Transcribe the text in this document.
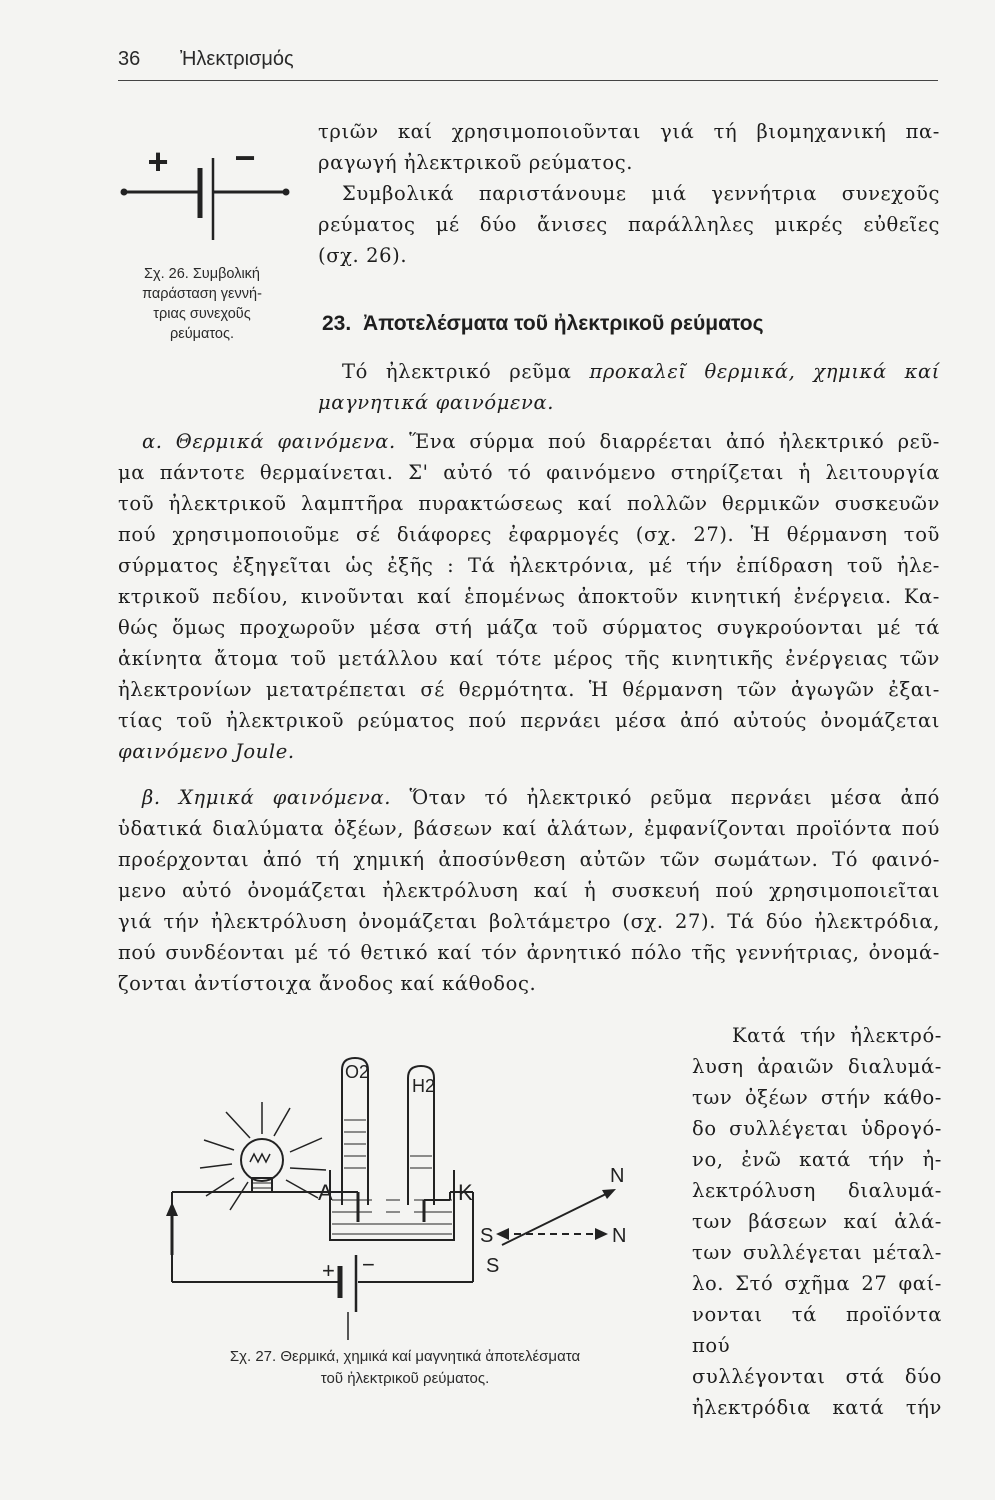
36 Ἠλεκτρισμός
+ −
Σχ. 26. Συμβολική
παράσταση γεννή-
τριας συνεχοῦς
ρεύματος.
τριῶν καί χρησιμοποιοῦνται γιά τή βιομηχανική πα-
ραγωγή ἠλεκτρικοῦ ρεύματος.
Συμβολικά παριστάνουμε μιά γεννήτρια συνεχοῦς
ρεύματος μέ δύο ἄνισες παράλληλες μικρές εὐθεῖες
(σχ. 26).
23. Ἀποτελέσματα τοῦ ἠλεκτρικοῦ ρεύματος
Τό ἠλεκτρικό ρεῦμα προκαλεῖ θερμικά, χημικά καί
μαγνητικά φαινόμενα.
α. Θερμικά φαινόμενα. Ἕνα σύρμα πού διαρρέεται ἀπό ἠλεκτρικό ρεῦ-
μα πάντοτε θερμαίνεται. Σ' αὐτό τό φαινόμενο στηρίζεται ἡ λειτουργία
τοῦ ἠλεκτρικοῦ λαμπτῆρα πυρακτώσεως καί πολλῶν θερμικῶν συσκευῶν
πού χρησιμοποιοῦμε σέ διάφορες ἐφαρμογές (σχ. 27). Ἡ θέρμανση τοῦ
σύρματος ἐξηγεῖται ὡς ἐξῆς : Τά ἠλεκτρόνια, μέ τήν ἐπίδραση τοῦ ἠλε-
κτρικοῦ πεδίου, κινοῦνται καί ἑπομένως ἀποκτοῦν κινητική ἐνέργεια. Κα-
θώς ὅμως προχωροῦν μέσα στή μάζα τοῦ σύρματος συγκρούονται μέ τά
ἀκίνητα ἄτομα τοῦ μετάλλου καί τότε μέρος τῆς κινητικῆς ἐνέργειας τῶν
ἠλεκτρονίων μετατρέπεται σέ θερμότητα. Ἡ θέρμανση τῶν ἀγωγῶν ἐξαι-
τίας τοῦ ἠλεκτρικοῦ ρεύματος πού περνάει μέσα ἀπό αὐτούς ὀνομάζεται
φαινόμενο Joule.
β. Χημικά φαινόμενα. Ὅταν τό ἠλεκτρικό ρεῦμα περνάει μέσα ἀπό
ὑδατικά διαλύματα ὀξέων, βάσεων καί ἁλάτων, ἐμφανίζονται προϊόντα πού
προέρχονται ἀπό τή χημική ἀποσύνθεση αὐτῶν τῶν σωμάτων. Τό φαινό-
μενο αὐτό ὀνομάζεται ἠλεκτρόλυση καί ἡ συσκευή πού χρησιμοποιεῖται
γιά τήν ἠλεκτρόλυση ὀνομάζεται βολτάμετρο (σχ. 27). Τά δύο ἠλεκτρόδια,
πού συνδέονται μέ τό θετικό καί τόν ἀρνητικό πόλο τῆς γεννήτριας, ὀνομά-
ζονται ἀντίστοιχα ἄνοδος καί κάθοδος.
Κατά τήν ἠλεκτρό-
λυση ἀραιῶν διαλυμά-
των ὀξέων στήν κάθο-
δο συλλέγεται ὑδρογό-
νο, ἐνῶ κατά τήν ἠ-
λεκτρόλυση διαλυμά-
των βάσεων καί ἁλά-
των συλλέγεται μέταλ-
λο. Στό σχῆμα 27 φαί-
νονται τά προϊόντα πού
συλλέγονται στά δύο
ἠλεκτρόδια κατά τήν
O2
H2
A	K
N
N
S
S
+ −
Σχ. 27. Θερμικά, χημικά καί μαγνητικά ἀποτελέσματα
τοῦ ἠλεκτρικοῦ ρεύματος.
